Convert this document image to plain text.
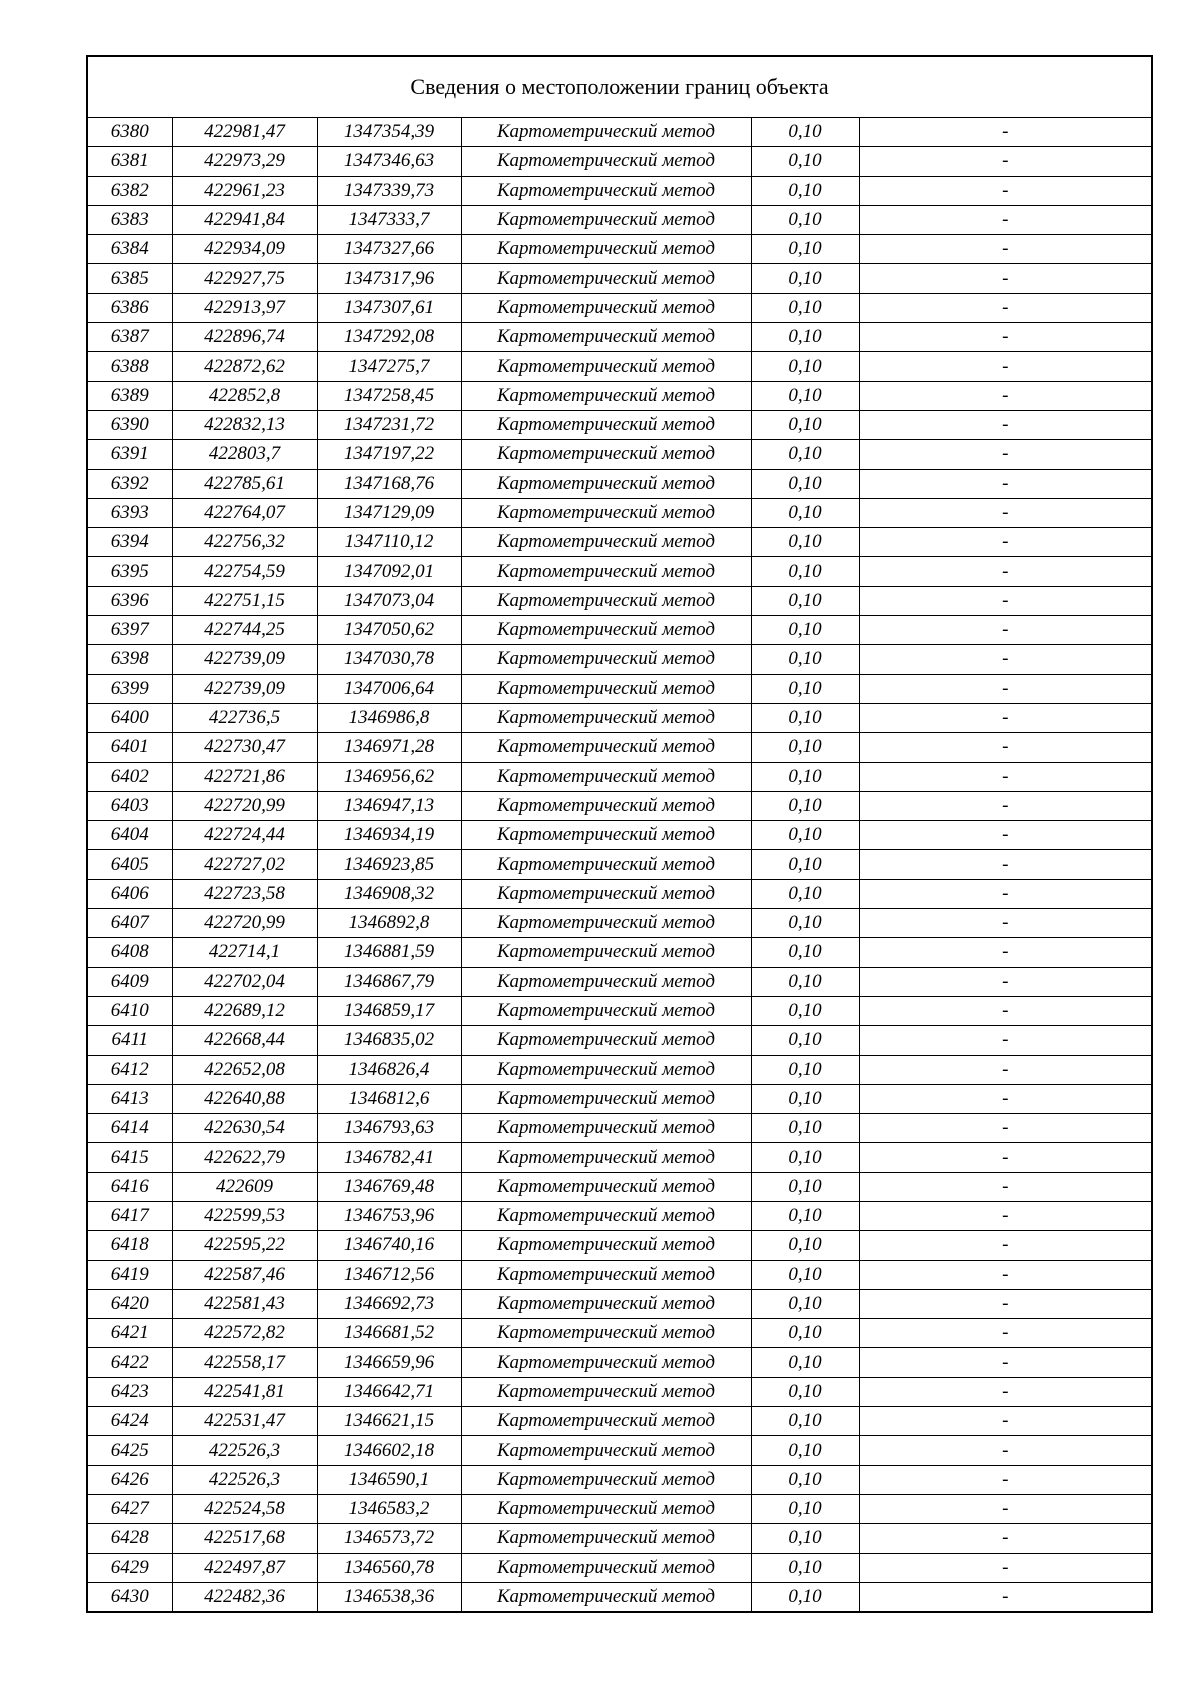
Сведения о местоположении границ объекта					
6380	422981,47	1347354,39	Картометрический метод	0,10	-
6381	422973,29	1347346,63	Картометрический метод	0,10	-
6382	422961,23	1347339,73	Картометрический метод	0,10	-
6383	422941,84	1347333,7	Картометрический метод	0,10	-
6384	422934,09	1347327,66	Картометрический метод	0,10	-
6385	422927,75	1347317,96	Картометрический метод	0,10	-
6386	422913,97	1347307,61	Картометрический метод	0,10	-
6387	422896,74	1347292,08	Картометрический метод	0,10	-
6388	422872,62	1347275,7	Картометрический метод	0,10	-
6389	422852,8	1347258,45	Картометрический метод	0,10	-
6390	422832,13	1347231,72	Картометрический метод	0,10	-
6391	422803,7	1347197,22	Картометрический метод	0,10	-
6392	422785,61	1347168,76	Картометрический метод	0,10	-
6393	422764,07	1347129,09	Картометрический метод	0,10	-
6394	422756,32	1347110,12	Картометрический метод	0,10	-
6395	422754,59	1347092,01	Картометрический метод	0,10	-
6396	422751,15	1347073,04	Картометрический метод	0,10	-
6397	422744,25	1347050,62	Картометрический метод	0,10	-
6398	422739,09	1347030,78	Картометрический метод	0,10	-
6399	422739,09	1347006,64	Картометрический метод	0,10	-
6400	422736,5	1346986,8	Картометрический метод	0,10	-
6401	422730,47	1346971,28	Картометрический метод	0,10	-
6402	422721,86	1346956,62	Картометрический метод	0,10	-
6403	422720,99	1346947,13	Картометрический метод	0,10	-
6404	422724,44	1346934,19	Картометрический метод	0,10	-
6405	422727,02	1346923,85	Картометрический метод	0,10	-
6406	422723,58	1346908,32	Картометрический метод	0,10	-
6407	422720,99	1346892,8	Картометрический метод	0,10	-
6408	422714,1	1346881,59	Картометрический метод	0,10	-
6409	422702,04	1346867,79	Картометрический метод	0,10	-
6410	422689,12	1346859,17	Картометрический метод	0,10	-
6411	422668,44	1346835,02	Картометрический метод	0,10	-
6412	422652,08	1346826,4	Картометрический метод	0,10	-
6413	422640,88	1346812,6	Картометрический метод	0,10	-
6414	422630,54	1346793,63	Картометрический метод	0,10	-
6415	422622,79	1346782,41	Картометрический метод	0,10	-
6416	422609	1346769,48	Картометрический метод	0,10	-
6417	422599,53	1346753,96	Картометрический метод	0,10	-
6418	422595,22	1346740,16	Картометрический метод	0,10	-
6419	422587,46	1346712,56	Картометрический метод	0,10	-
6420	422581,43	1346692,73	Картометрический метод	0,10	-
6421	422572,82	1346681,52	Картометрический метод	0,10	-
6422	422558,17	1346659,96	Картометрический метод	0,10	-
6423	422541,81	1346642,71	Картометрический метод	0,10	-
6424	422531,47	1346621,15	Картометрический метод	0,10	-
6425	422526,3	1346602,18	Картометрический метод	0,10	-
6426	422526,3	1346590,1	Картометрический метод	0,10	-
6427	422524,58	1346583,2	Картометрический метод	0,10	-
6428	422517,68	1346573,72	Картометрический метод	0,10	-
6429	422497,87	1346560,78	Картометрический метод	0,10	-
6430	422482,36	1346538,36	Картометрический метод	0,10	-
